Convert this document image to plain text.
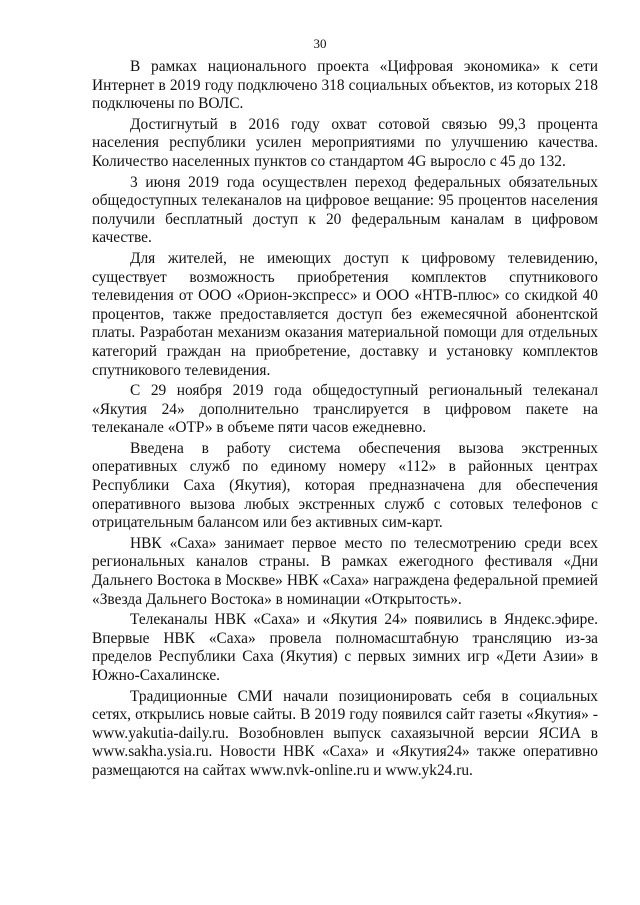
30

В рамках национального проекта «Цифровая экономика» к сети Интернет в 2019 году подключено 318 социальных объектов, из которых 218 подключены по ВОЛС.

Достигнутый в 2016 году охват сотовой связью 99,3 процента населения республики усилен мероприятиями по улучшению качества. Количество населенных пунктов со стандартом 4G выросло с 45 до 132.

3 июня 2019 года осуществлен переход федеральных обязательных общедоступных телеканалов на цифровое вещание: 95 процентов населения получили бесплатный доступ к 20 федеральным каналам в цифровом качестве.

Для жителей, не имеющих доступ к цифровому телевидению, существует возможность приобретения комплектов спутникового телевидения от ООО «Орион-экспресс» и ООО «НТВ-плюс» со скидкой 40 процентов, также предоставляется доступ без ежемесячной абонентской платы. Разработан механизм оказания материальной помощи для отдельных категорий граждан на приобретение, доставку и установку комплектов спутникового телевидения.

С 29 ноября 2019 года общедоступный региональный телеканал «Якутия 24» дополнительно транслируется в цифровом пакете на телеканале «ОТР» в объеме пяти часов ежедневно.

Введена в работу система обеспечения вызова экстренных оперативных служб по единому номеру «112» в районных центрах Республики Саха (Якутия), которая предназначена для обеспечения оперативного вызова любых экстренных служб с сотовых телефонов с отрицательным балансом или без активных сим-карт.

НВК «Саха» занимает первое место по телесмотрению среди всех региональных каналов страны. В рамках ежегодного фестиваля «Дни Дальнего Востока в Москве» НВК «Саха» награждена федеральной премией «Звезда Дальнего Востока» в номинации «Открытость».

Телеканалы НВК «Саха» и «Якутия 24» появились в Яндекс.эфире. Впервые НВК «Саха» провела полномасштабную трансляцию из-за пределов Республики Саха (Якутия) с первых зимних игр «Дети Азии» в Южно-Сахалинске.

Традиционные СМИ начали позиционировать себя в социальных сетях, открылись новые сайты. В 2019 году появился сайт газеты «Якутия» - www.yakutia-daily.ru. Возобновлен выпуск сахаязычной версии ЯСИА в www.sakha.ysia.ru. Новости НВК «Саха» и «Якутия24» также оперативно размещаются на сайтах www.nvk-online.ru и www.yk24.ru.
